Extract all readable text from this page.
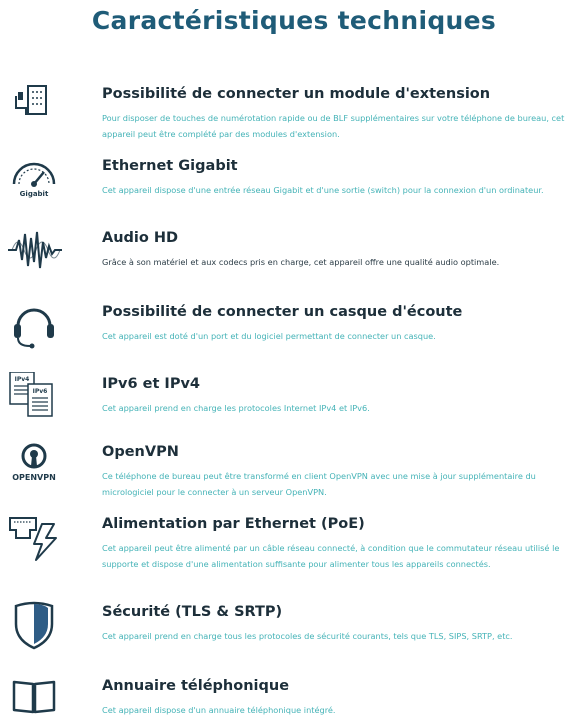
Caractéristiques techniques
Possibilité de connecter un module d'extension
Pour disposer de touches de numérotation rapide ou de BLF supplémentaires sur votre téléphone de bureau, cet appareil peut être complété par des modules d'extension.
Gigabit
Ethernet Gigabit
Cet appareil dispose d'une entrée réseau Gigabit et d'une sortie (switch) pour la connexion d'un ordinateur.
Audio HD
Grâce à son matériel et aux codecs pris en charge, cet appareil offre une qualité audio optimale.
Possibilité de connecter un casque d'écoute
Cet appareil est doté d'un port et du logiciel permettant de connecter un casque.
IPv4
IPv6	IPv6 et IPv4
Cet appareil prend en charge les protocoles Internet IPv4 et IPv6.
OPENVPN
OpenVPN
Ce téléphone de bureau peut être transformé en client OpenVPN avec une mise à jour supplémentaire du micrologiciel pour le connecter à un serveur OpenVPN.
Alimentation par Ethernet (PoE)
Cet appareil peut être alimenté par un câble réseau connecté, à condition que le commutateur réseau utilisé le supporte et dispose d'une alimentation suffisante pour alimenter tous les appareils connectés.
Sécurité (TLS & SRTP)
Cet appareil prend en charge tous les protocoles de sécurité courants, tels que TLS, SIPS, SRTP, etc.
Annuaire téléphonique
Cet appareil dispose d'un annuaire téléphonique intégré.
